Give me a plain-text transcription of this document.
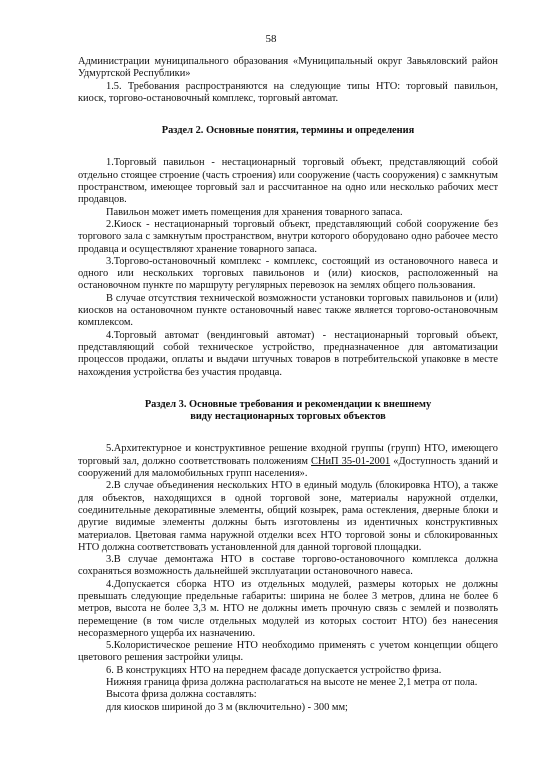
58

Администрации муниципального образования «Муниципальный округ Завьяловский район Удмуртской Республики»

1.5. Требования распространяются на следующие типы НТО: торговый павильон, киоск, торгово-остановочный комплекс, торговый автомат.

Раздел 2. Основные понятия, термины и определения

1.Торговый павильон - нестационарный торговый объект, представляющий собой отдельно стоящее строение (часть строения) или сооружение (часть сооружения) с замкнутым пространством, имеющее торговый зал и рассчитанное на одно или несколько рабочих мест продавцов.

Павильон может иметь помещения для хранения товарного запаса.

2.Киоск - нестационарный торговый объект, представляющий собой сооружение без торгового зала с замкнутым пространством, внутри которого оборудовано одно рабочее место продавца и осуществляют хранение товарного запаса.

3.Торгово-остановочный комплекс - комплекс, состоящий из остановочного навеса и одного или нескольких торговых павильонов и (или) киосков, расположенный на остановочном пункте по маршруту регулярных перевозок на землях общего пользования.

В случае отсутствия технической возможности установки торговых павильонов и (или) киосков на остановочном пункте остановочный навес также является торгово-остановочным комплексом.

4.Торговый автомат (вендинговый автомат) - нестационарный торговый объект, представляющий собой техническое устройство, предназначенное для автоматизации процессов продажи, оплаты и выдачи штучных товаров в потребительской упаковке в месте нахождения устройства без участия продавца.

Раздел 3. Основные требования и рекомендации к внешнему

виду нестационарных торговых объектов

5.Архитектурное и конструктивное решение входной группы (групп) НТО, имеющего торговый зал, должно соответствовать положениям СНиП 35-01-2001 «Доступность зданий и сооружений для маломобильных групп населения».

2.В случае объединения нескольких НТО в единый модуль (блокировка НТО), а также для объектов, находящихся в одной торговой зоне, материалы наружной отделки, соединительные декоративные элементы, общий козырек, рама остекления, дверные блоки и другие видимые элементы должны быть изготовлены из идентичных конструктивных материалов. Цветовая гамма наружной отделки всех НТО торговой зоны и сблокированных НТО должна соответствовать установленной для данной торговой площадки.

3.В случае демонтажа НТО в составе торгово-остановочного комплекса должна сохраняться возможность дальнейшей эксплуатации остановочного навеса.

4.Допускается сборка НТО из отдельных модулей, размеры которых не должны превышать следующие предельные габариты: ширина не более 3 метров, длина не более 6 метров, высота не более 3,3 м. НТО не должны иметь прочную связь с землей и позволять перемещение (в том числе отдельных модулей из которых состоит НТО) без нанесения несоразмерного ущерба их назначению.

5.Колористическое решение НТО необходимо применять с учетом концепции общего цветового решения застройки улицы.

6. В конструкциях НТО на переднем фасаде допускается устройство фриза.

Нижняя граница фриза должна располагаться на высоте не менее 2,1 метра от пола.

Высота фриза должна составлять:

для киосков шириной до 3 м (включительно) - 300 мм;
